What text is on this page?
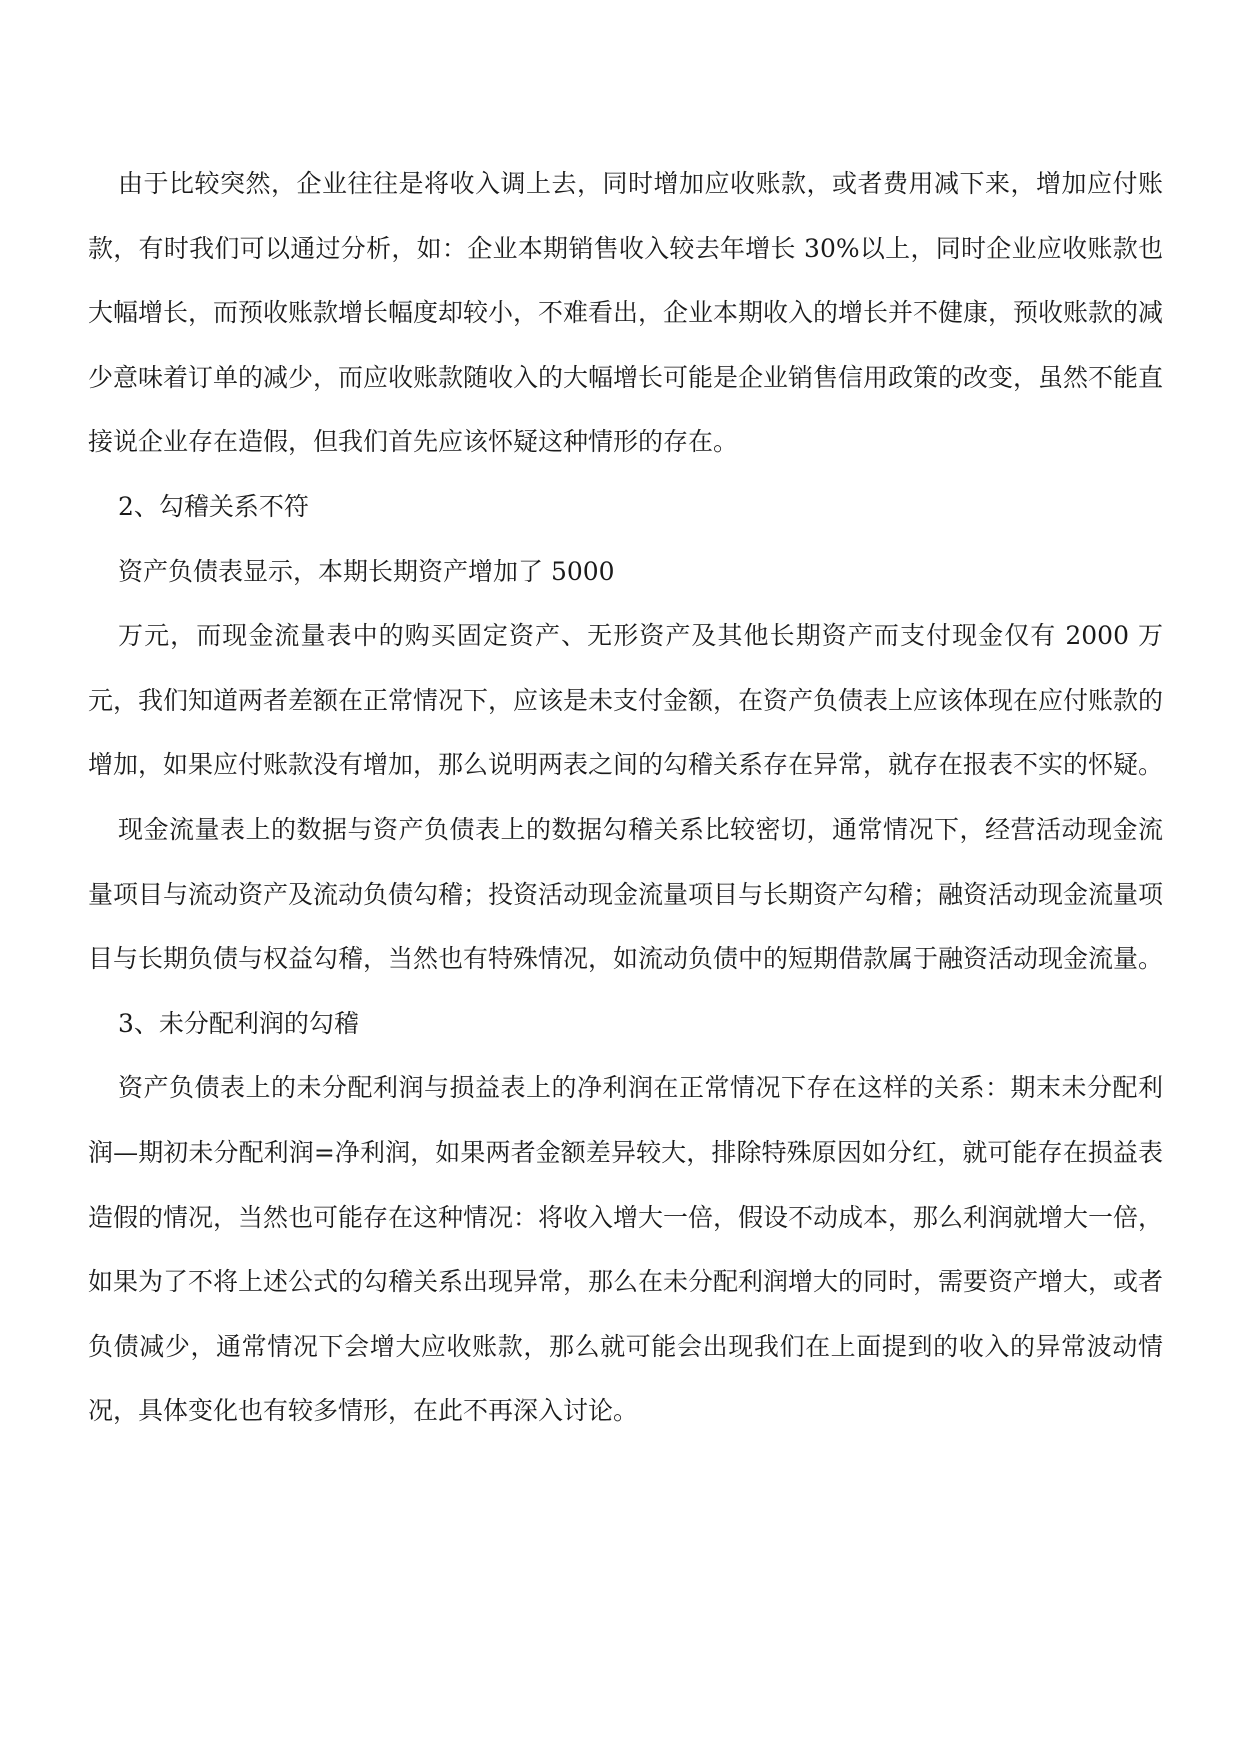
由于比较突然，企业往往是将收入调上去，同时增加应收账款，或者费用减下来，增加应付账款，有时我们可以通过分析，如：企业本期销售收入较去年增长 30%以上，同时企业应收账款也大幅增长，而预收账款增长幅度却较小，不难看出，企业本期收入的增长并不健康，预收账款的减少意味着订单的减少，而应收账款随收入的大幅增长可能是企业销售信用政策的改变，虽然不能直接说企业存在造假，但我们首先应该怀疑这种情形的存在。

2、勾稽关系不符

资产负债表显示，本期长期资产增加了 5000

万元，而现金流量表中的购买固定资产、无形资产及其他长期资产而支付现金仅有 2000 万元，我们知道两者差额在正常情况下，应该是未支付金额，在资产负债表上应该体现在应付账款的增加，如果应付账款没有增加，那么说明两表之间的勾稽关系存在异常，就存在报表不实的怀疑。

现金流量表上的数据与资产负债表上的数据勾稽关系比较密切，通常情况下，经营活动现金流量项目与流动资产及流动负债勾稽；投资活动现金流量项目与长期资产勾稽；融资活动现金流量项目与长期负债与权益勾稽，当然也有特殊情况，如流动负债中的短期借款属于融资活动现金流量。

3、未分配利润的勾稽

资产负债表上的未分配利润与损益表上的净利润在正常情况下存在这样的关系：期末未分配利润—期初未分配利润=净利润，如果两者金额差异较大，排除特殊原因如分红，就可能存在损益表造假的情况，当然也可能存在这种情况：将收入增大一倍，假设不动成本，那么利润就增大一倍，如果为了不将上述公式的勾稽关系出现异常，那么在未分配利润增大的同时，需要资产增大，或者负债减少，通常情况下会增大应收账款，那么就可能会出现我们在上面提到的收入的异常波动情况，具体变化也有较多情形，在此不再深入讨论。
